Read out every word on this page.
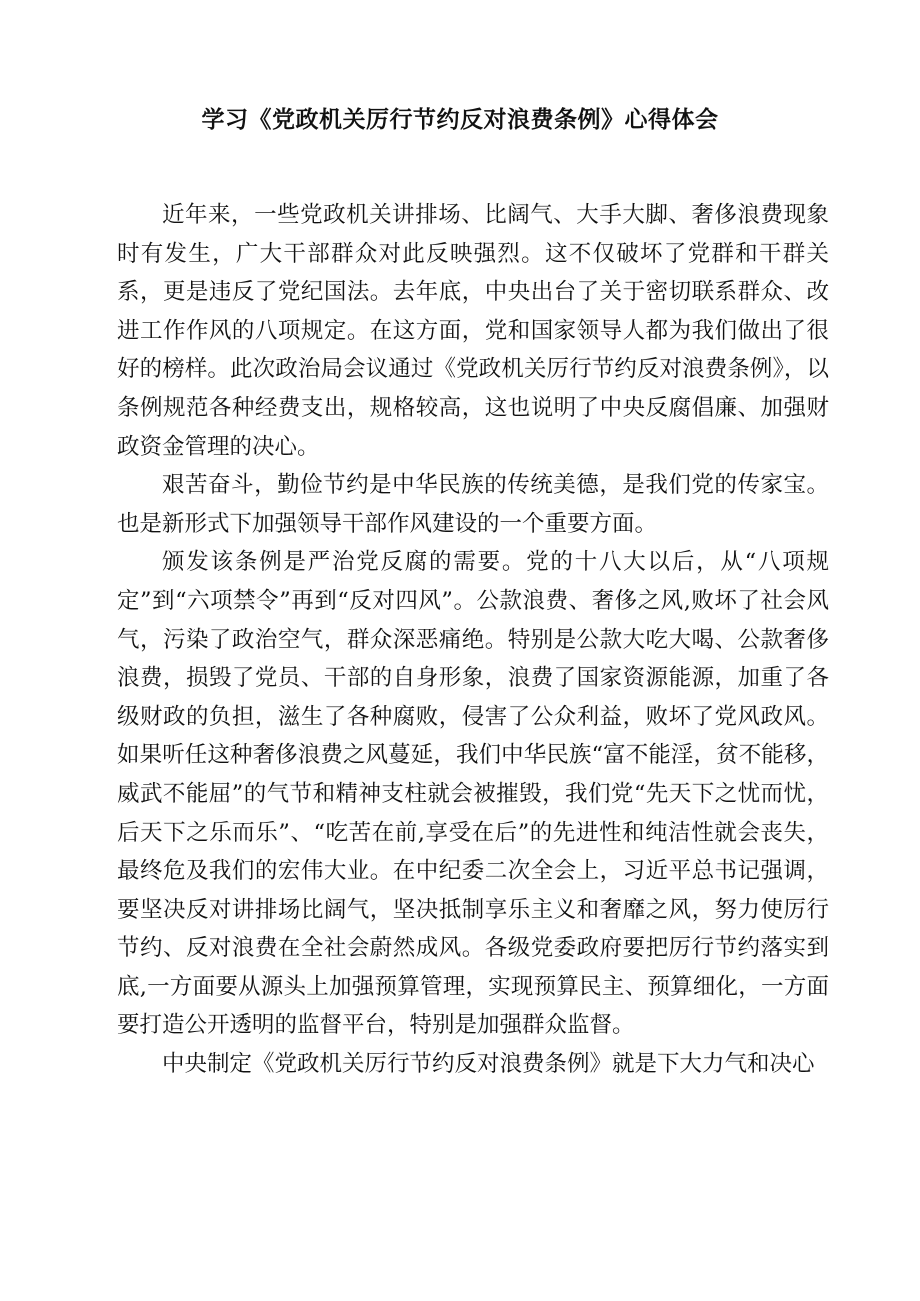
学习《党政机关厉行节约反对浪费条例》心得体会

近年来，一些党政机关讲排场、比阔气、大手大脚、奢侈浪费现象时有发生，广大干部群众对此反映强烈。这不仅破坏了党群和干群关系，更是违反了党纪国法。去年底，中央出台了关于密切联系群众、改进工作作风的八项规定。在这方面，党和国家领导人都为我们做出了很好的榜样。此次政治局会议通过《党政机关厉行节约反对浪费条例》，以条例规范各种经费支出，规格较高，这也说明了中央反腐倡廉、加强财政资金管理的决心。

艰苦奋斗，勤俭节约是中华民族的传统美德，是我们党的传家宝。也是新形式下加强领导干部作风建设的一个重要方面。

颁发该条例是严治党反腐的需要。党的十八大以后，从“八项规定”到“六项禁令”再到“反对四风”。公款浪费、奢侈之风,败坏了社会风气，污染了政治空气，群众深恶痛绝。特别是公款大吃大喝、公款奢侈浪费，损毁了党员、干部的自身形象，浪费了国家资源能源，加重了各级财政的负担，滋生了各种腐败，侵害了公众利益，败坏了党风政风。如果听任这种奢侈浪费之风蔓延，我们中华民族“富不能淫，贫不能移，威武不能屈”的气节和精神支柱就会被摧毁，我们党“先天下之忧而忧，后天下之乐而乐”、“吃苦在前,享受在后”的先进性和纯洁性就会丧失，最终危及我们的宏伟大业。在中纪委二次全会上，习近平总书记强调，要坚决反对讲排场比阔气，坚决抵制享乐主义和奢靡之风，努力使厉行节约、反对浪费在全社会蔚然成风。各级党委政府要把厉行节约落实到底,一方面要从源头上加强预算管理，实现预算民主、预算细化，一方面要打造公开透明的监督平台，特别是加强群众监督。

中央制定《党政机关厉行节约反对浪费条例》就是下大力气和决心
